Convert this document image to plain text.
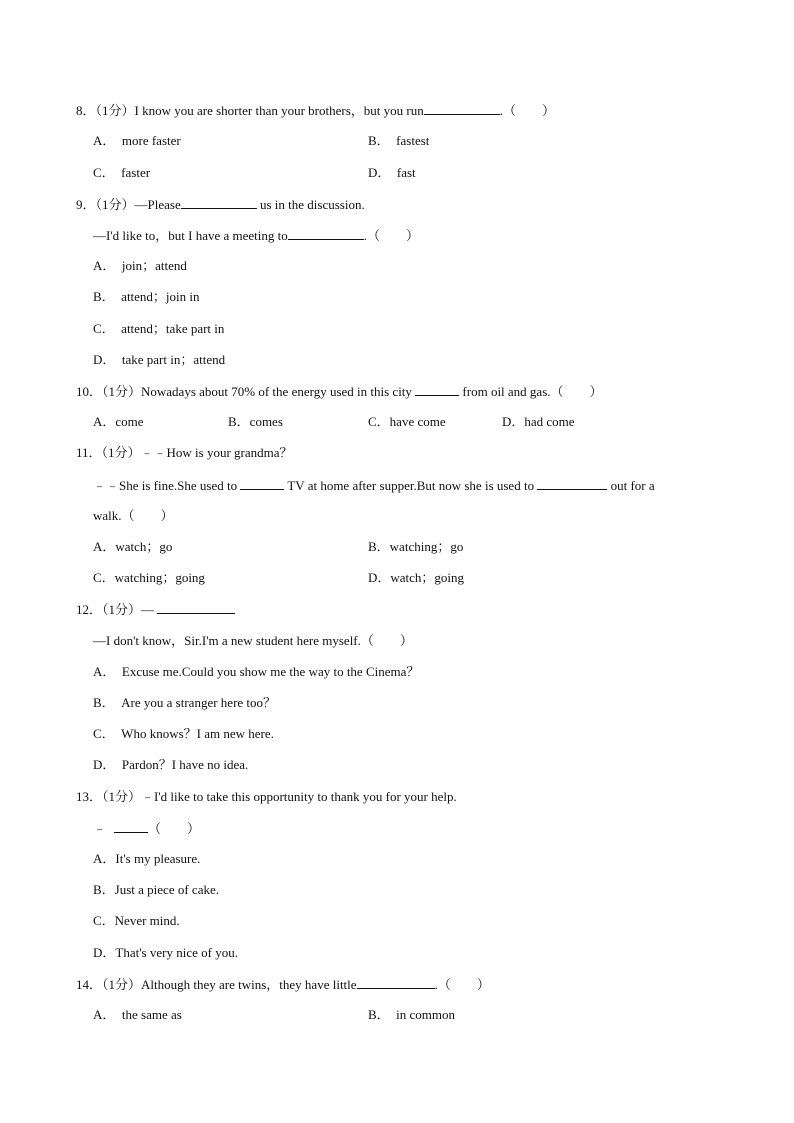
8．（1分）I know you are shorter than your brothers，but you run	.（　　）
A．　more faster	B．　fastest
C．　faster	D．　fast
9．（1分）—Please	us in the discussion.
—I'd like to，but I have a meeting to	.（　　）
A．　join；attend
B．　attend；join in
C．　attend；take part in
D．　take part in；attend
10．（1分）Nowadays about 70% of the energy used in this city	from oil and gas.（　　）
A．come	B．comes	C．have come	D．had come
11．（1分）﹣﹣How is your grandma？
﹣﹣She is fine.She used to	TV at home after supper.But now she is used to	out for a
walk.（　　）
A．watch；go	B．watching；go
C．watching；going	D．watch；going
12．（1分）—
—I don't know，Sir.I'm a new student here myself.（　　）
A．　Excuse me.Could you show me the way to the Cinema？
B．　Are you a stranger here too？
C．　Who knows？I am new here.
D．　Pardon？I have no idea.
13．（1分）﹣I'd like to take this opportunity to thank you for your help.
﹣	（　　）
A．It's my pleasure.
B．Just a piece of cake.
C．Never mind.
D．That's very nice of you.
14．（1分）Although they are twins，they have little	.（　　）
A．　the same as	B．　in common
